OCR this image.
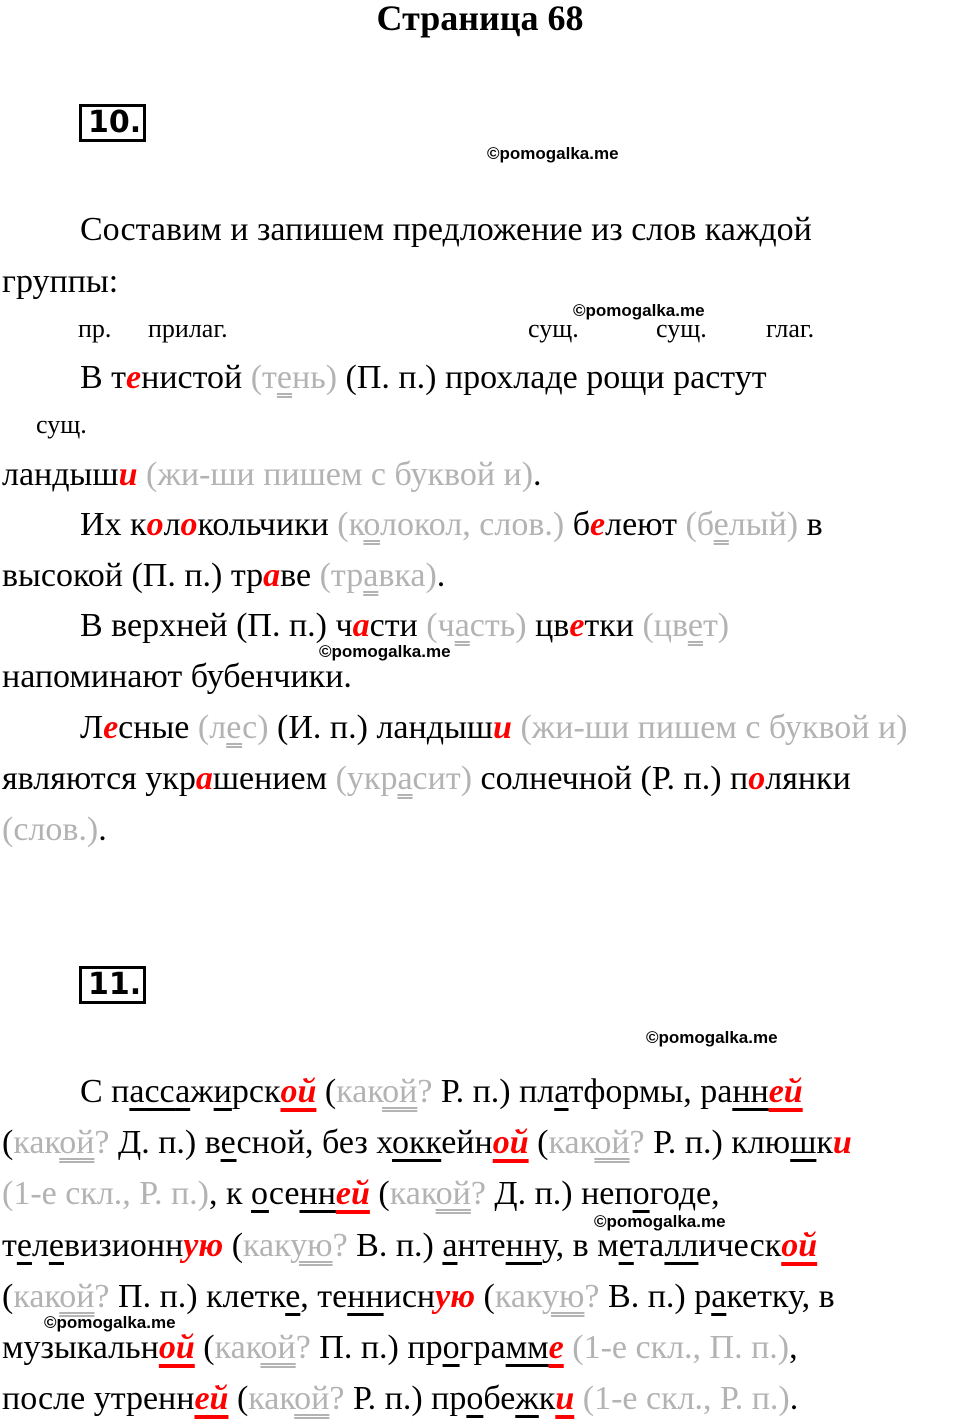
Страница 68
10.
©pomogalka.me
Составим и запишем предложение из слов каждой
группы:
©pomogalka.me
пр. прилаг.	сущ.	сущ. глаг.
В тенистой (тень) (П. п.) прохладе рощи растут
сущ.
ландыши (жи-ши пишем с буквой и).
Их колокольчики (колокол, слов.) белеют (белый) в
высокой (П. п.) траве (травка).
В верхней (П. п.) части (часть) цветки (цвет)
©pomogalka.me
напоминают бубенчики.
Лесные (лес) (И. п.) ландыши (жи-ши пишем с буквой и)
являются украшением (украсит) солнечной (Р. п.) полянки
(слов.).
11.
©pomogalka.me
С пассажирской (какой? Р. п.) платформы, ранней
(какой? Д. п.) весной, без хоккейной (какой? Р. п.) клюшки
(1-е скл., Р. п.), к осенней (какой? Д. п.) непогоде,
©pomogalka.me
телевизионную (какую? В. п.) антенну, в металлической
(какой? П. п.) клетке, теннисную (какую? В. п.) ракетку, в
©pomogalka.me
музыкальной (какой? П. п.) программе (1-е скл., П. п.),
после утренней (какой? Р. п.) пробежки (1-е скл., Р. п.).
